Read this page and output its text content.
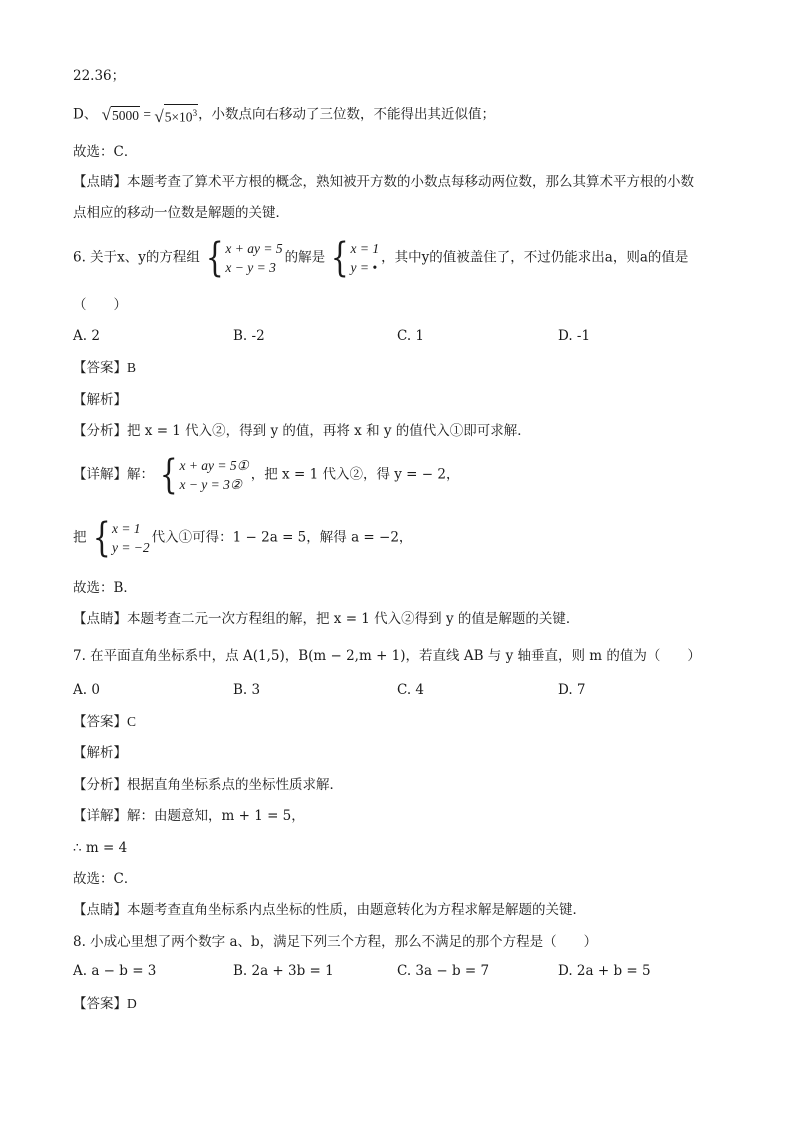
22.36；
D、 √ 5000 = √ $5\times 10^3$ ，小数点向右移动了三位数，不能得出其近似值；
故选：C．
【点睛】本题考查了算术平方根的概念，熟知被开方数的小数点每移动两位数，那么其算术平方根的小数
点相应的移动一位数是解题的关键．
6. 关于x、y的方程组 { x + ay = 5
x − y = 3
的解是 { x = 1
y = •
，其中y的值被盖住了，不过仍能求出a，则a的值是
（　　）
A. 2	B. -2	C. 1	D. -1
【答案】B
【解析】
【分析】把 x = 1 代入②，得到 y 的值，再将 x 和 y 的值代入①即可求解．
【详解】解： { x + ay = 5①
x − y = 3②
，把 x = 1 代入②，得 y = − 2，
把 { x = 1
y = −2
代入①可得：1 − 2a = 5，解得 a = −2，
故选：B．
【点睛】本题考查二元一次方程组的解，把 x = 1 代入②得到 y 的值是解题的关键．
7. 在平面直角坐标系中，点 A(1,5)，B(m − 2,m + 1)，若直线 AB 与 y 轴垂直，则 m 的值为（　　）
A. 0	B. 3	C. 4	D. 7
【答案】C
【解析】
【分析】根据直角坐标系点的坐标性质求解．
【详解】解：由题意知，m + 1 = 5，
∴ m = 4
故选：C．
【点睛】本题考查直角坐标系内点坐标的性质，由题意转化为方程求解是解题的关键．
8. 小成心里想了两个数字 a、b，满足下列三个方程，那么不满足的那个方程是（　　）
A. a − b = 3	B. 2a + 3b = 1	C. 3a − b = 7	D. 2a + b = 5
【答案】D
